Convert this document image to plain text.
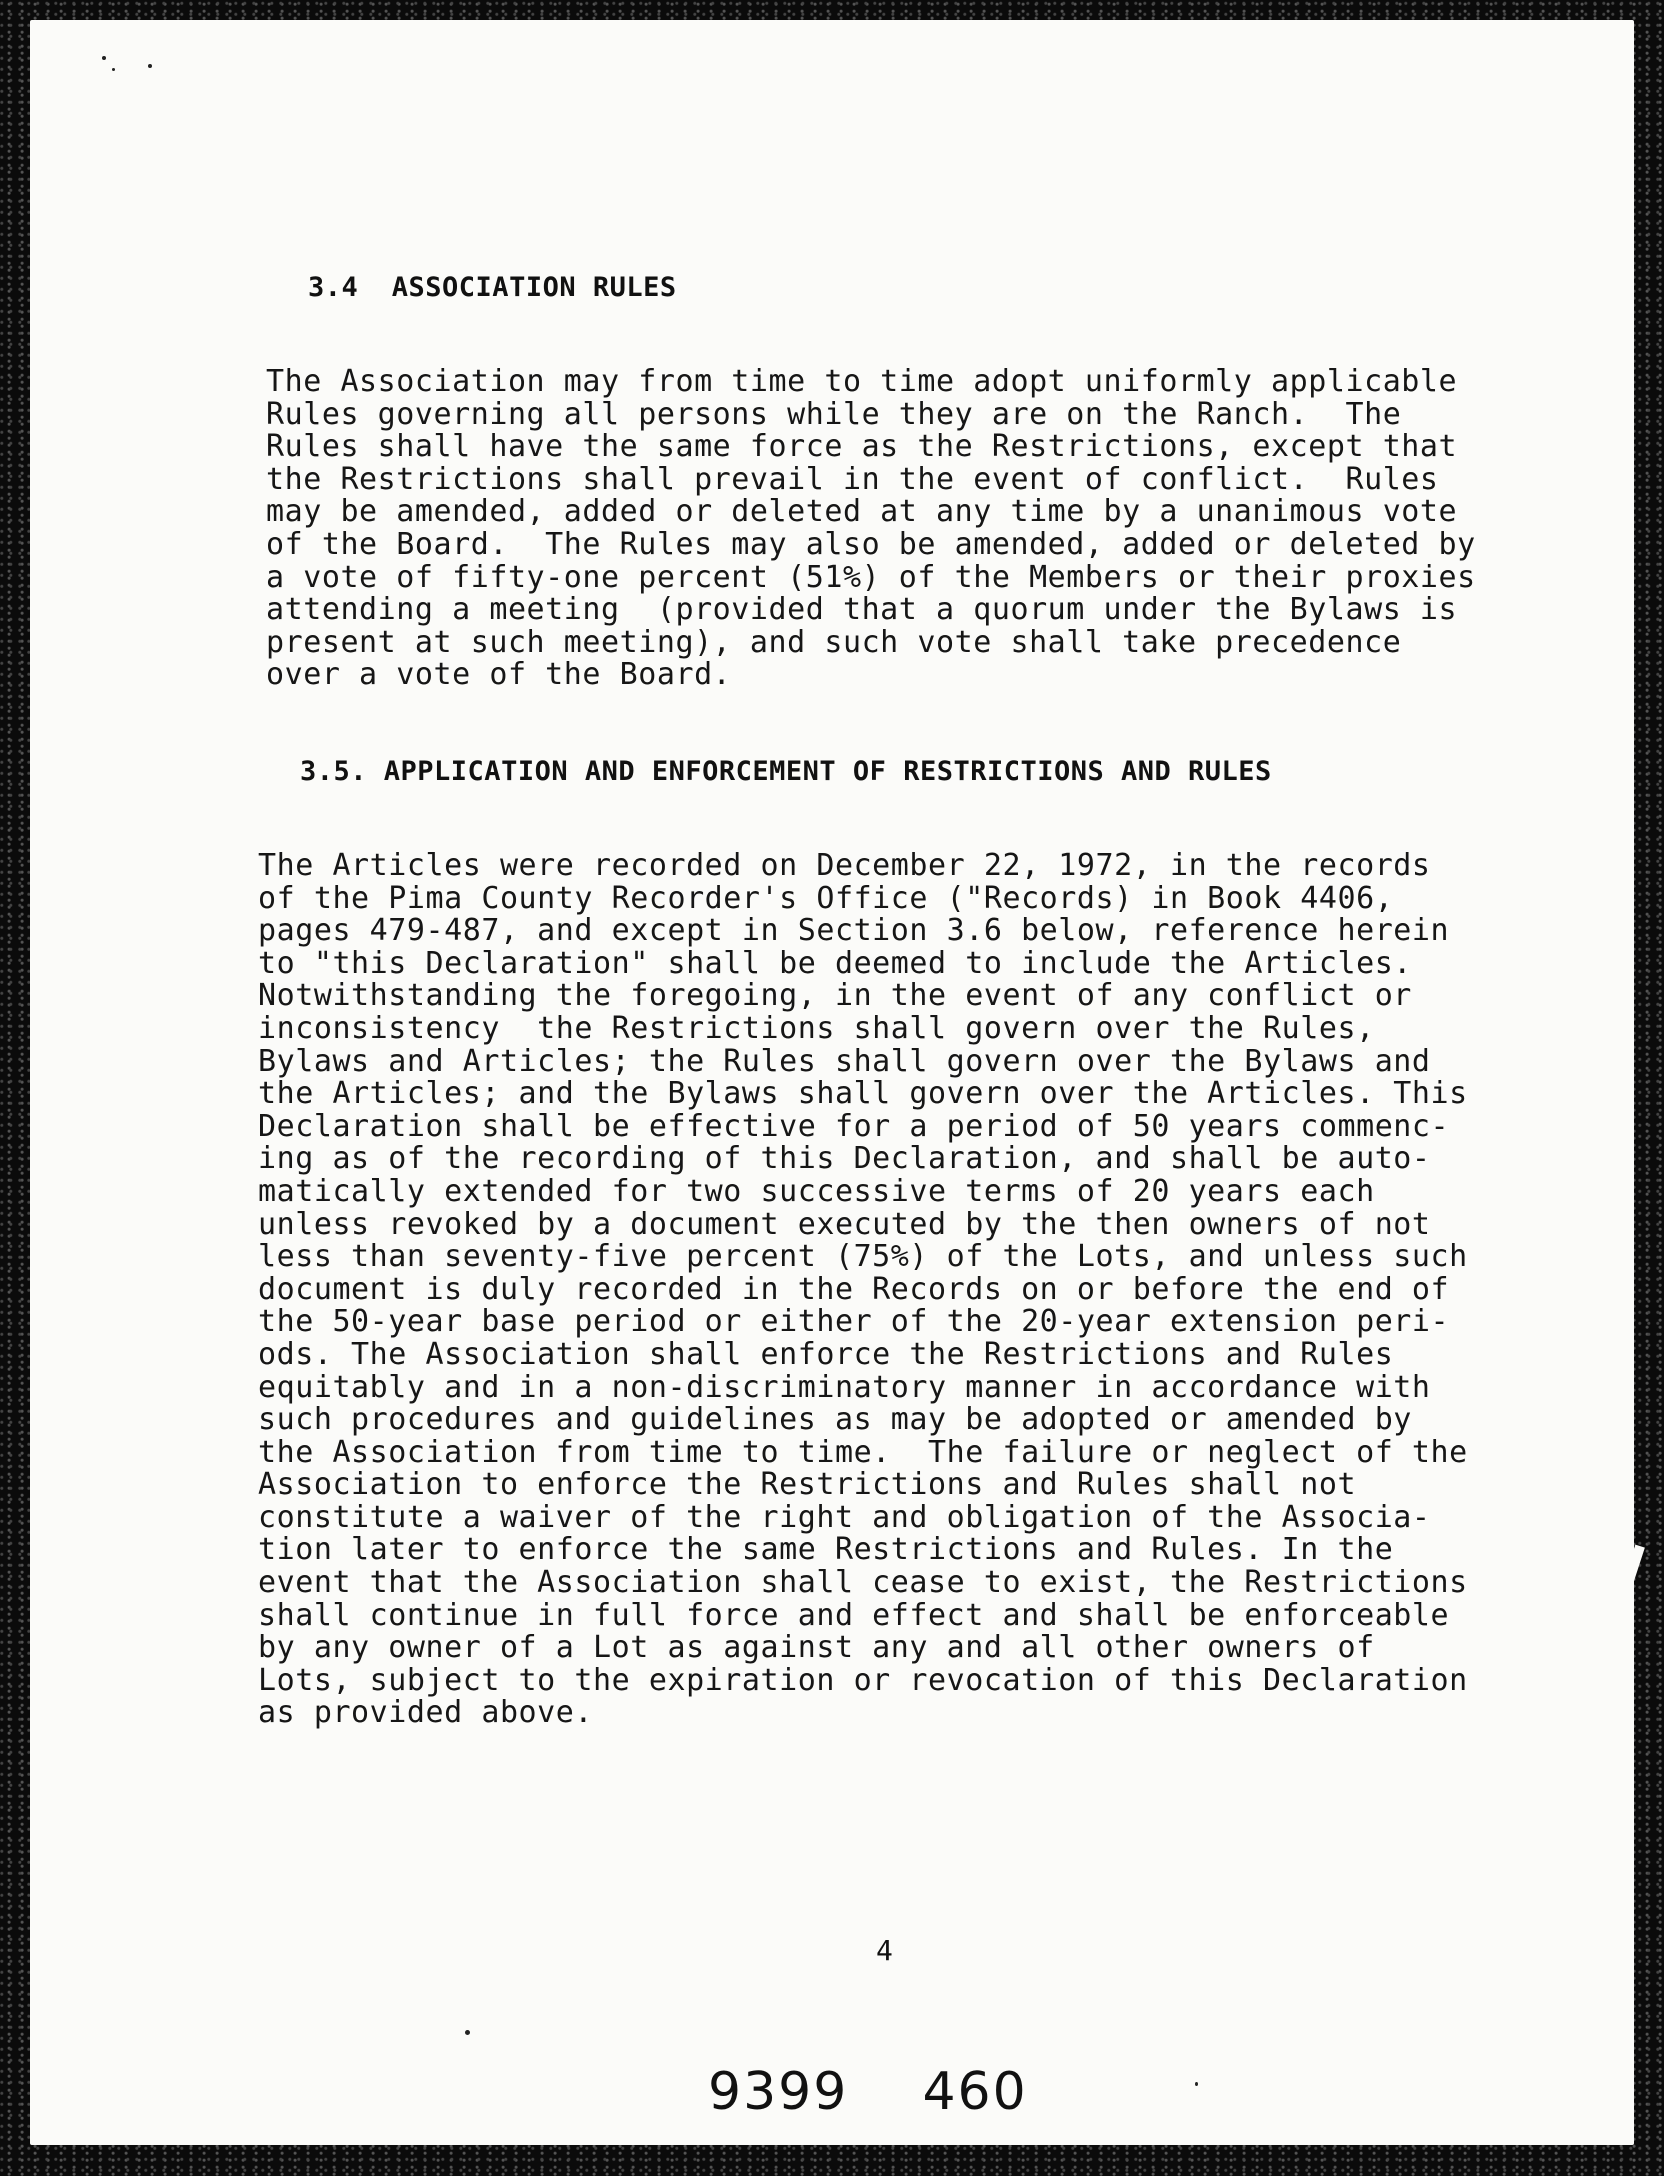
3.4  ASSOCIATION RULES
The Association may from time to time adopt uniformly applicable
Rules governing all persons while they are on the Ranch.  The
Rules shall have the same force as the Restrictions, except that
the Restrictions shall prevail in the event of conflict.  Rules
may be amended, added or deleted at any time by a unanimous vote
of the Board.  The Rules may also be amended, added or deleted by
a vote of fifty-one percent (51%) of the Members or their proxies
attending a meeting  (provided that a quorum under the Bylaws is
present at such meeting), and such vote shall take precedence
over a vote of the Board.
3.5. APPLICATION AND ENFORCEMENT OF RESTRICTIONS AND RULES
The Articles were recorded on December 22, 1972, in the records
of the Pima County Recorder's Office ("Records) in Book 4406,
pages 479-487, and except in Section 3.6 below, reference herein
to "this Declaration" shall be deemed to include the Articles.
Notwithstanding the foregoing, in the event of any conflict or
inconsistency  the Restrictions shall govern over the Rules,
Bylaws and Articles; the Rules shall govern over the Bylaws and
the Articles; and the Bylaws shall govern over the Articles. This
Declaration shall be effective for a period of 50 years commenc-
ing as of the recording of this Declaration, and shall be auto-
matically extended for two successive terms of 20 years each
unless revoked by a document executed by the then owners of not
less than seventy-five percent (75%) of the Lots, and unless such
document is duly recorded in the Records on or before the end of
the 50-year base period or either of the 20-year extension peri-
ods. The Association shall enforce the Restrictions and Rules
equitably and in a non-discriminatory manner in accordance with
such procedures and guidelines as may be adopted or amended by
the Association from time to time.  The failure or neglect of the
Association to enforce the Restrictions and Rules shall not
constitute a waiver of the right and obligation of the Associa-
tion later to enforce the same Restrictions and Rules. In the
event that the Association shall cease to exist, the Restrictions
shall continue in full force and effect and shall be enforceable
by any owner of a Lot as against any and all other owners of
Lots, subject to the expiration or revocation of this Declaration
as provided above.
4
9399    460
